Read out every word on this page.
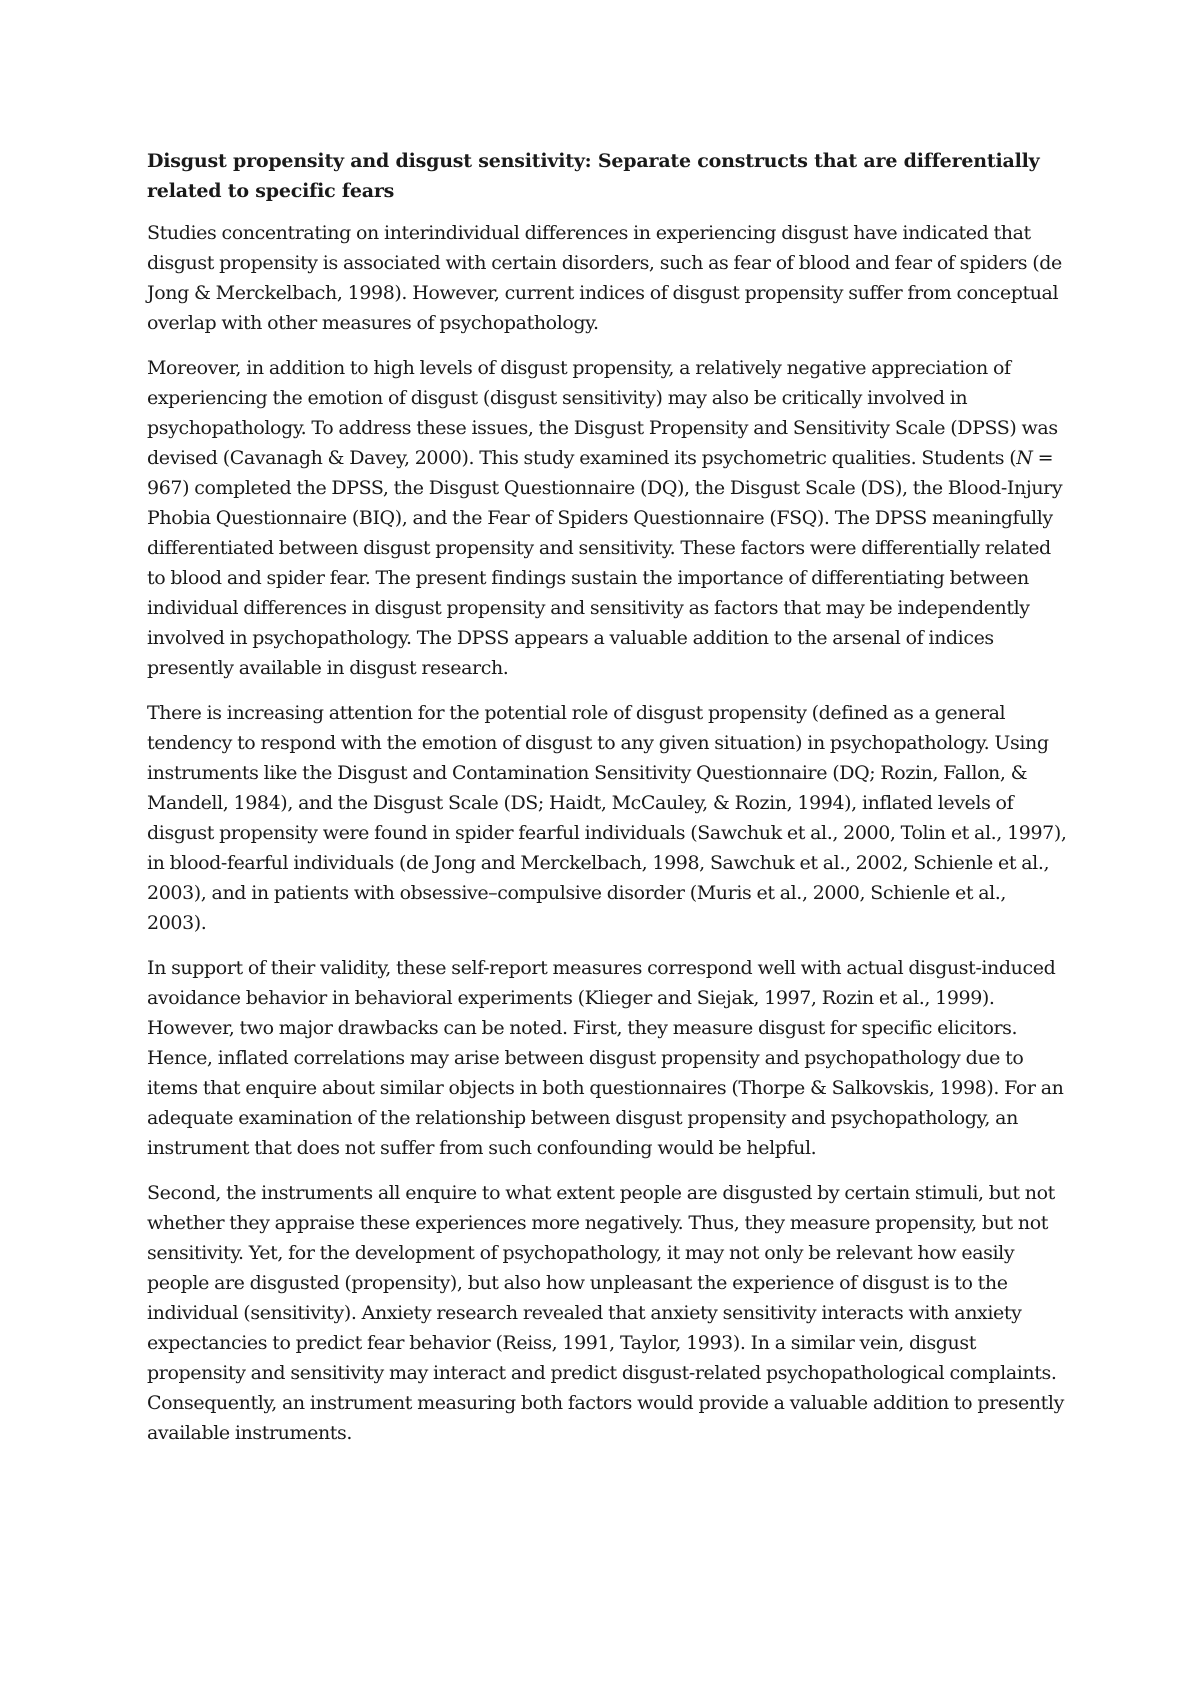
Disgust propensity and disgust sensitivity: Separate constructs that are differentially related to specific fears

Studies concentrating on interindividual differences in experiencing disgust have indicated that disgust propensity is associated with certain disorders, such as fear of blood and fear of spiders (de Jong & Merckelbach, 1998). However, current indices of disgust propensity suffer from conceptual overlap with other measures of psychopathology.

Moreover, in addition to high levels of disgust propensity, a relatively negative appreciation of experiencing the emotion of disgust (disgust sensitivity) may also be critically involved in psychopathology. To address these issues, the Disgust Propensity and Sensitivity Scale (DPSS) was devised (Cavanagh & Davey, 2000). This study examined its psychometric qualities. Students (N = 967) completed the DPSS, the Disgust Questionnaire (DQ), the Disgust Scale (DS), the Blood-Injury Phobia Questionnaire (BIQ), and the Fear of Spiders Questionnaire (FSQ). The DPSS meaningfully differentiated between disgust propensity and sensitivity. These factors were differentially related to blood and spider fear. The present findings sustain the importance of differentiating between individual differences in disgust propensity and sensitivity as factors that may be independently involved in psychopathology. The DPSS appears a valuable addition to the arsenal of indices presently available in disgust research.

There is increasing attention for the potential role of disgust propensity (defined as a general tendency to respond with the emotion of disgust to any given situation) in psychopathology. Using instruments like the Disgust and Contamination Sensitivity Questionnaire (DQ; Rozin, Fallon, & Mandell, 1984), and the Disgust Scale (DS; Haidt, McCauley, & Rozin, 1994), inflated levels of disgust propensity were found in spider fearful individuals (Sawchuk et al., 2000, Tolin et al., 1997), in blood-fearful individuals (de Jong and Merckelbach, 1998, Sawchuk et al., 2002, Schienle et al., 2003), and in patients with obsessive–compulsive disorder (Muris et al., 2000, Schienle et al., 2003).

In support of their validity, these self-report measures correspond well with actual disgust-induced avoidance behavior in behavioral experiments (Klieger and Siejak, 1997, Rozin et al., 1999). However, two major drawbacks can be noted. First, they measure disgust for specific elicitors. Hence, inflated correlations may arise between disgust propensity and psychopathology due to items that enquire about similar objects in both questionnaires (Thorpe & Salkovskis, 1998). For an adequate examination of the relationship between disgust propensity and psychopathology, an instrument that does not suffer from such confounding would be helpful.

Second, the instruments all enquire to what extent people are disgusted by certain stimuli, but not whether they appraise these experiences more negatively. Thus, they measure propensity, but not sensitivity. Yet, for the development of psychopathology, it may not only be relevant how easily people are disgusted (propensity), but also how unpleasant the experience of disgust is to the individual (sensitivity). Anxiety research revealed that anxiety sensitivity interacts with anxiety expectancies to predict fear behavior (Reiss, 1991, Taylor, 1993). In a similar vein, disgust propensity and sensitivity may interact and predict disgust-related psychopathological complaints. Consequently, an instrument measuring both factors would provide a valuable addition to presently available instruments.
